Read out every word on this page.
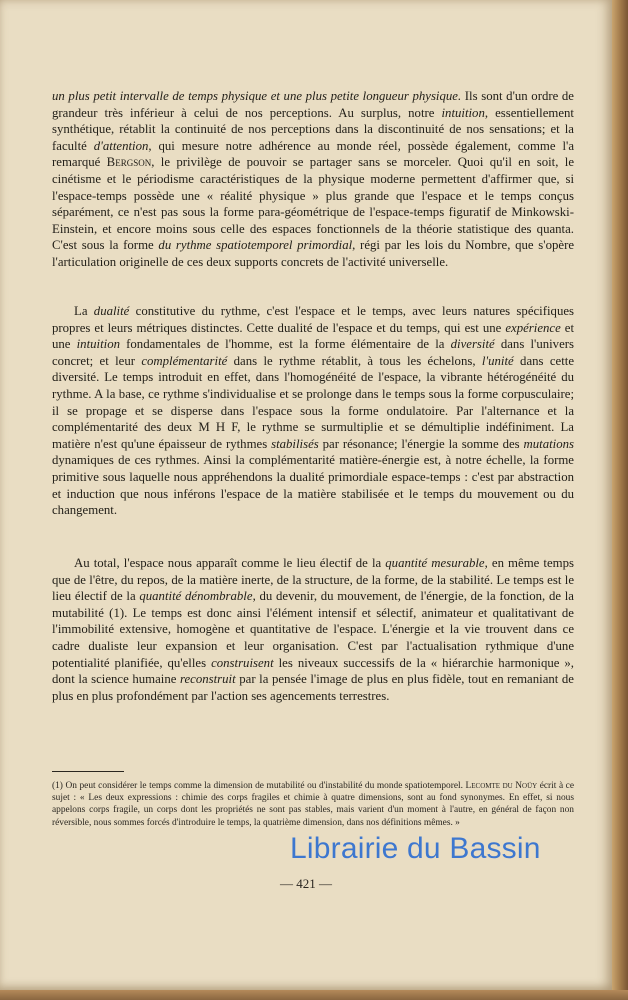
un plus petit intervalle de temps physique et une plus petite longueur physique. Ils sont d'un ordre de grandeur très inférieur à celui de nos perceptions. Au surplus, notre intuition, essentiellement synthétique, rétablit la continuité de nos perceptions dans la discontinuité de nos sensations; et la faculté d'attention, qui mesure notre adhérence au monde réel, possède également, comme l'a remarqué Bergson, le privilège de pouvoir se partager sans se morceler. Quoi qu'il en soit, le cinétisme et le périodisme caractéristiques de la physique moderne permettent d'affirmer que, si l'espace-temps possède une « réalité physique » plus grande que l'espace et le temps conçus séparément, ce n'est pas sous la forme para-géométrique de l'espace-temps figuratif de Minkowski-Einstein, et encore moins sous celle des espaces fonctionnels de la théorie statistique des quanta. C'est sous la forme du rythme spatiotemporel primordial, régi par les lois du Nombre, que s'opère l'articulation originelle de ces deux supports concrets de l'activité universelle.

La dualité constitutive du rythme, c'est l'espace et le temps, avec leurs natures spécifiques propres et leurs métriques distinctes. Cette dualité de l'espace et du temps, qui est une expérience et une intuition fondamentales de l'homme, est la forme élémentaire de la diversité dans l'univers concret; et leur complémentarité dans le rythme rétablit, à tous les échelons, l'unité dans cette diversité. Le temps introduit en effet, dans l'homogénéité de l'espace, la vibrante hétérogénéité du rythme. A la base, ce rythme s'individualise et se prolonge dans le temps sous la forme corpusculaire; il se propage et se disperse dans l'espace sous la forme ondulatoire. Par l'alternance et la complémentarité des deux M H F, le rythme se surmultiplie et se démultiplie indéfiniment. La matière n'est qu'une épaisseur de rythmes stabilisés par résonance; l'énergie la somme des mutations dynamiques de ces rythmes. Ainsi la complémentarité matière-énergie est, à notre échelle, la forme primitive sous laquelle nous appréhendons la dualité primordiale espace-temps : c'est par abstraction et induction que nous inférons l'espace de la matière stabilisée et le temps du mouvement ou du changement.

Au total, l'espace nous apparaît comme le lieu électif de la quantité mesurable, en même temps que de l'être, du repos, de la matière inerte, de la structure, de la forme, de la stabilité. Le temps est le lieu électif de la quantité dénombrable, du devenir, du mouvement, de l'énergie, de la fonction, de la mutabilité (1). Le temps est donc ainsi l'élément intensif et sélectif, animateur et qualitativant de l'immobilité extensive, homogène et quantitative de l'espace. L'énergie et la vie trouvent dans ce cadre dualiste leur expansion et leur organisation. C'est par l'actualisation rythmique d'une potentialité planifiée, qu'elles construisent les niveaux successifs de la « hiérarchie harmonique », dont la science humaine reconstruit par la pensée l'image de plus en plus fidèle, tout en remaniant de plus en plus profondément par l'action ses agencements terrestres.

(1) On peut considérer le temps comme la dimension de mutabilité ou d'instabilité du monde spatiotemporel. Lecomte du Noüy écrit à ce sujet : « Les deux expressions : chimie des corps fragiles et chimie à quatre dimensions, sont au fond synonymes. En effet, si nous appelons corps fragile, un corps dont les propriétés ne sont pas stables, mais varient d'un moment à l'autre, en général de façon non réversible, nous sommes forcés d'introduire le temps, la quatrième dimension, dans nos définitions mêmes. »
— 421 —
Librairie du Bassin
